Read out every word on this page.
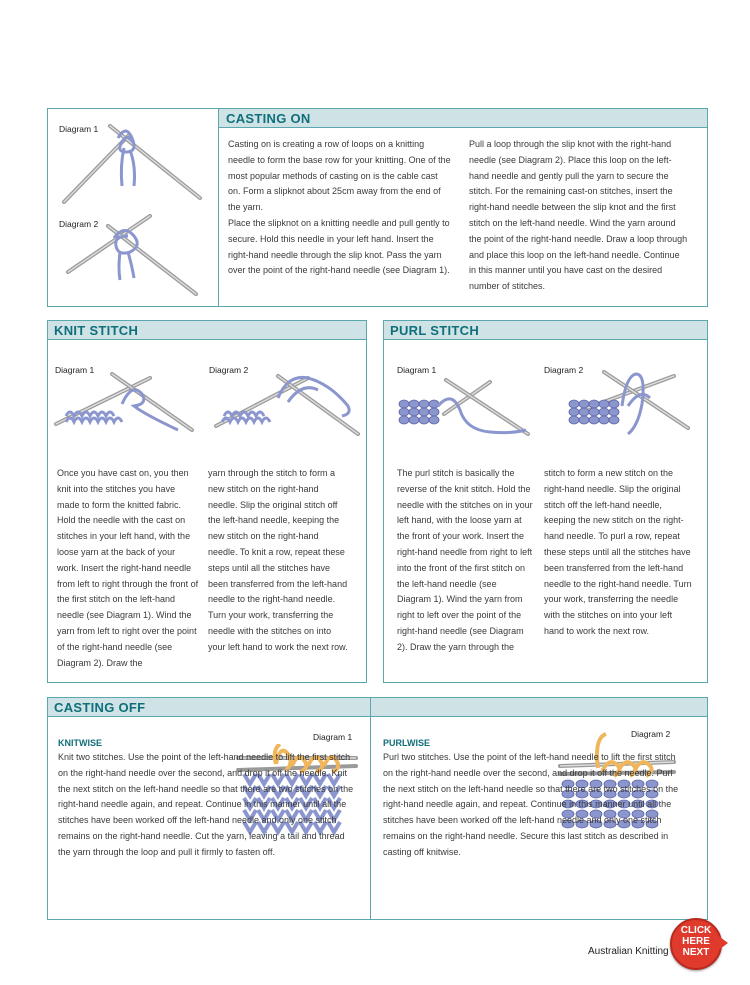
CASTING ON
Diagram 1
Diagram 2
Casting on is creating a row of loops on a knitting needle to form the base row for your knitting. One of the most popular methods of casting on is the cable cast on. Form a slipknot about 25cm away from the end of the yarn.
Place the slipknot on a knitting needle and pull gently to secure. Hold this needle in your left hand. Insert the right-hand needle through the slip knot. Pass the yarn over the point of the right-hand needle (see Diagram 1).
Pull a loop through the slip knot with the right-hand needle (see Diagram 2). Place this loop on the left-hand needle and gently pull the yarn to secure the stitch. For the remaining cast-on stitches, insert the right-hand needle between the slip knot and the first stitch on the left-hand needle. Wind the yarn around the point of the right-hand needle. Draw a loop through and place this loop on the left-hand needle. Continue in this manner until you have cast on the desired number of stitches.
KNIT STITCH
Diagram 1	Diagram 2
Once you have cast on, you then knit into the stitches you have made to form the knitted fabric. Hold the needle with the cast on stitches in your left hand, with the loose yarn at the back of your work. Insert the right-hand needle from left to right through the front of the first stitch on the left-hand needle (see Diagram 1). Wind the yarn from left to right over the point of the right-hand needle (see Diagram 2). Draw the
yarn through the stitch to form a new stitch on the right-hand needle. Slip the original stitch off the left-hand needle, keeping the new stitch on the right-hand needle. To knit a row, repeat these steps until all the stitches have been transferred from the left-hand needle to the right-hand needle. Turn your work, transferring the needle with the stitches on into your left hand to work the next row.
PURL STITCH
Diagram 1	Diagram 2
The purl stitch is basically the reverse of the knit stitch. Hold the needle with the stitches on in your left hand, with the loose yarn at the front of your work. Insert the right-hand needle from right to left into the front of the first stitch on the left-hand needle (see Diagram 1). Wind the yarn from right to left over the point of the right-hand needle (see Diagram 2). Draw the yarn through the
stitch to form a new stitch on the right-hand needle. Slip the original stitch off the left-hand needle, keeping the new stitch on the right-hand needle. To purl a row, repeat these steps until all the stitches have been transferred from the left-hand needle to the right-hand needle. Turn your work, transferring the needle with the stitches on into your left hand to work the next row.
CASTING OFF
KNITWISE
Diagram 1
Knit two stitches. Use the point of the left-hand needle to lift the first stitch on the right-hand needle over the second, and drop it off the needle. Knit the next stitch on the left-hand needle so that there are two stitches on the right-hand needle again, and repeat. Continue in this manner until all the stitches have been worked off the left-hand needle and only one stitch remains on the right-hand needle. Cut the yarn, leaving a tail and thread the yarn through the loop and pull it firmly to fasten off.
PURLWISE
Diagram 2
Purl two stitches. Use the point of the left-hand needle to lift the first stitch on the right-hand needle over the second, and drop it off the needle. Purl the next stitch on the left-hand needle so that there are two stitches on the right-hand needle again, and repeat. Continue in this manner until all the stitches have been worked off the left-hand needle and only one stitch remains on the right-hand needle. Secure this last stitch as described in casting off knitwise.
Australian Knitting
CLICK
HERE
NEXT
